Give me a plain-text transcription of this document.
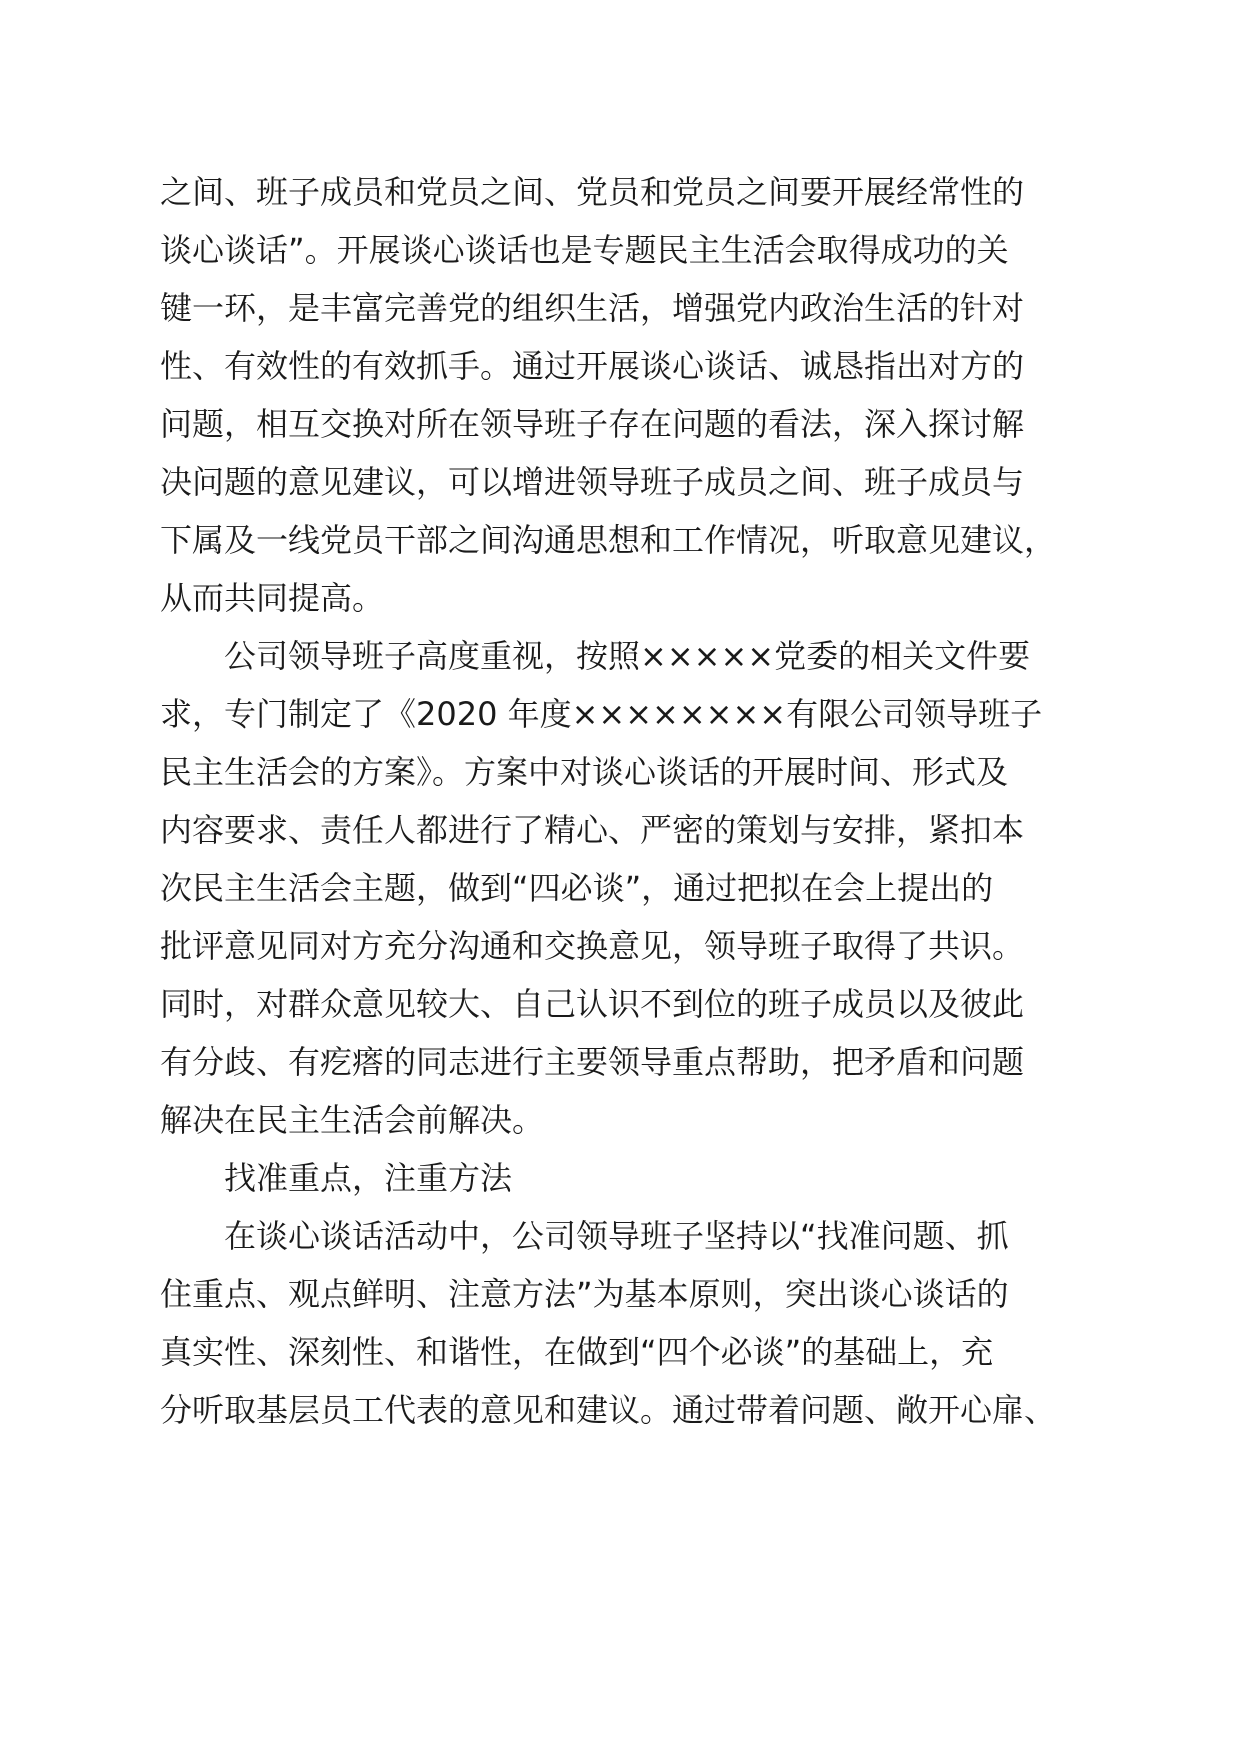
之间、班子成员和党员之间、党员和党员之间要开展经常性的
谈心谈话”。开展谈心谈话也是专题民主生活会取得成功的关
键一环，是丰富完善党的组织生活，增强党内政治生活的针对
性、有效性的有效抓手。通过开展谈心谈话、诚恳指出对方的
问题，相互交换对所在领导班子存在问题的看法，深入探讨解
决问题的意见建议，可以增进领导班子成员之间、班子成员与
下属及一线党员干部之间沟通思想和工作情况，听取意见建议，
从而共同提高。
公司领导班子高度重视，按照×××××党委的相关文件要
求，专门制定了《2020 年度××××××××有限公司领导班子
民主生活会的方案》。方案中对谈心谈话的开展时间、形式及
内容要求、责任人都进行了精心、严密的策划与安排，紧扣本
次民主生活会主题，做到“四必谈”，通过把拟在会上提出的
批评意见同对方充分沟通和交换意见，领导班子取得了共识。
同时，对群众意见较大、自己认识不到位的班子成员以及彼此
有分歧、有疙瘩的同志进行主要领导重点帮助，把矛盾和问题
解决在民主生活会前解决。
找准重点，注重方法
在谈心谈话活动中，公司领导班子坚持以“找准问题、抓
住重点、观点鲜明、注意方法”为基本原则，突出谈心谈话的
真实性、深刻性、和谐性，在做到“四个必谈”的基础上，充
分听取基层员工代表的意见和建议。通过带着问题、敞开心扉、
